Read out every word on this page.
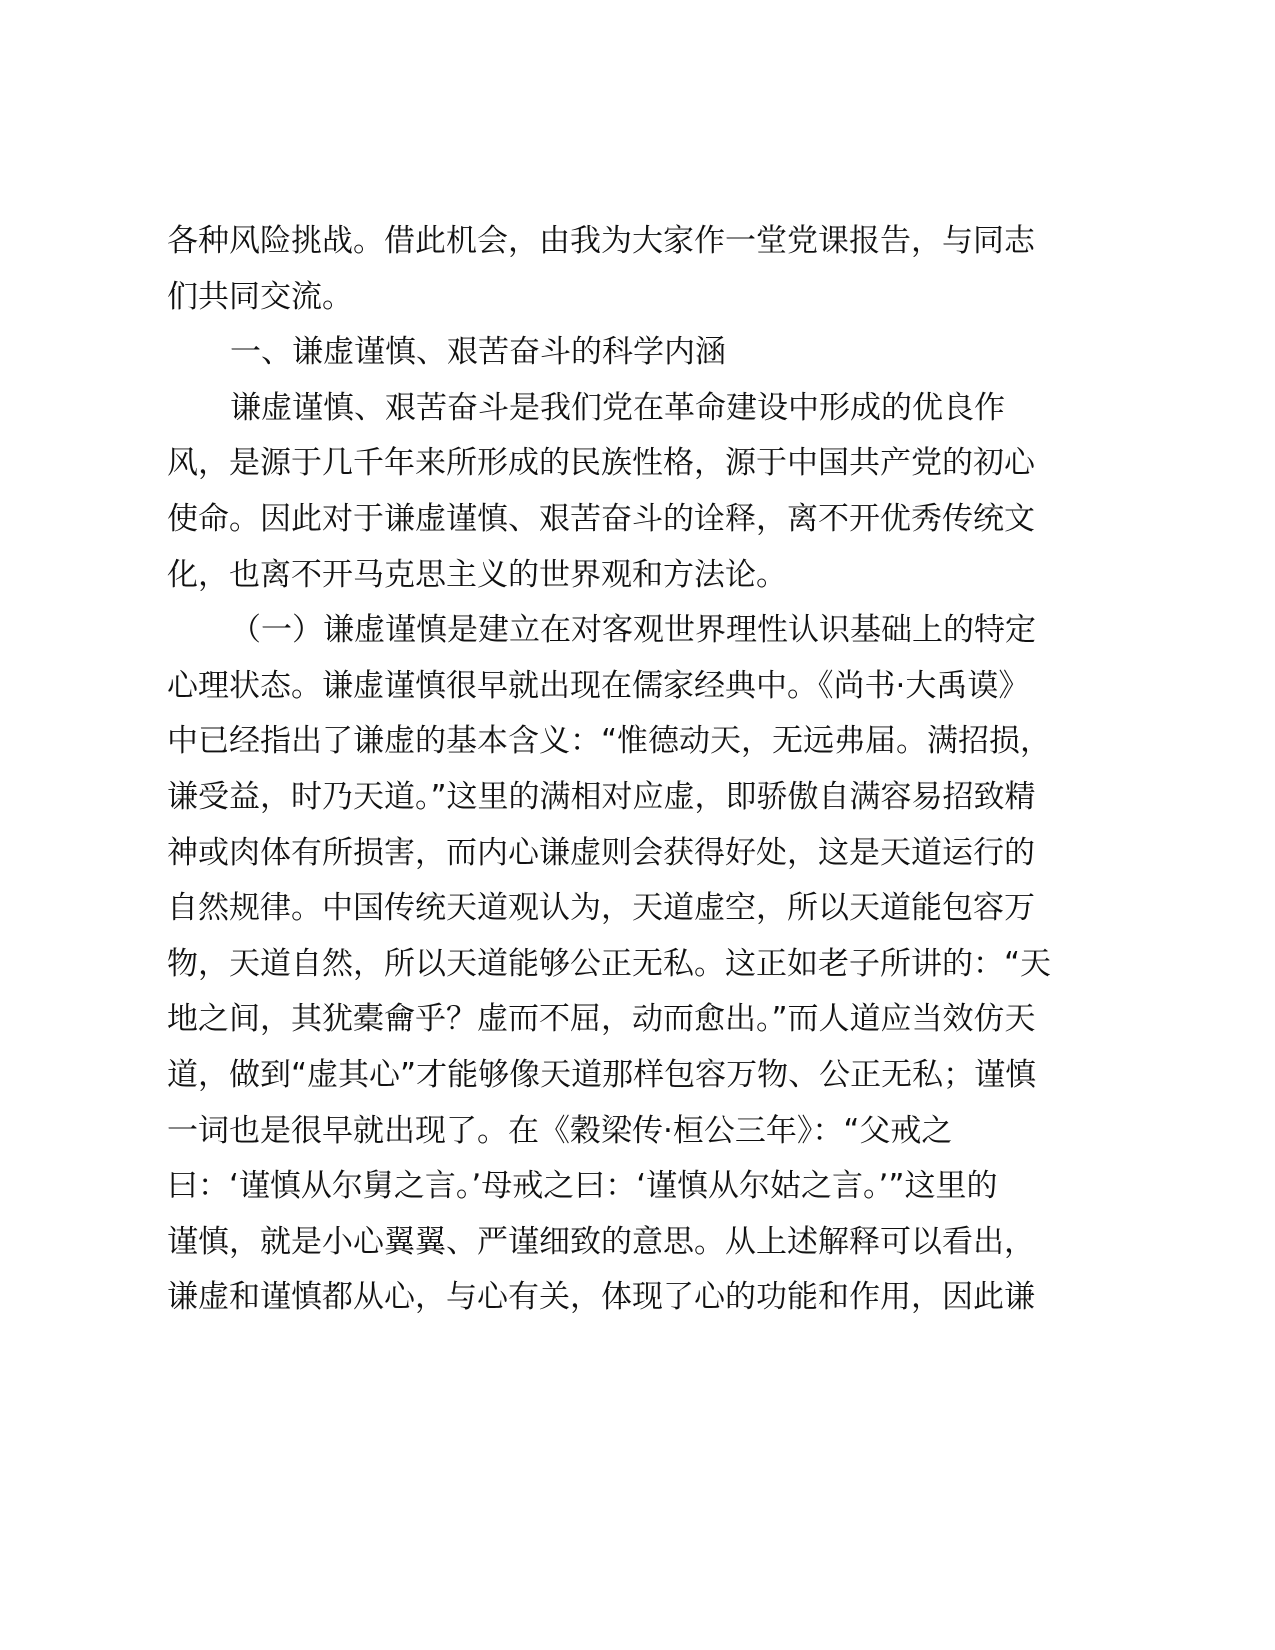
各种风险挑战。借此机会，由我为大家作一堂党课报告，与同志
们共同交流。
一、谦虚谨慎、艰苦奋斗的科学内涵
谦虚谨慎、艰苦奋斗是我们党在革命建设中形成的优良作
风，是源于几千年来所形成的民族性格，源于中国共产党的初心
使命。因此对于谦虚谨慎、艰苦奋斗的诠释，离不开优秀传统文
化，也离不开马克思主义的世界观和方法论。
（一）谦虚谨慎是建立在对客观世界理性认识基础上的特定
心理状态。谦虚谨慎很早就出现在儒家经典中。《尚书·大禹谟》
中已经指出了谦虚的基本含义：“惟德动天，无远弗届。满招损，
谦受益，时乃天道。”这里的满相对应虚，即骄傲自满容易招致精
神或肉体有所损害，而内心谦虚则会获得好处，这是天道运行的
自然规律。中国传统天道观认为，天道虚空，所以天道能包容万
物，天道自然，所以天道能够公正无私。这正如老子所讲的：“天
地之间，其犹橐龠乎？虚而不屈，动而愈出。”而人道应当效仿天
道，做到“虚其心”才能够像天道那样包容万物、公正无私；谨慎
一词也是很早就出现了。在《穀梁传·桓公三年》：“父戒之
曰：‘谨慎从尔舅之言。’母戒之曰：‘谨慎从尔姑之言。’”这里的
谨慎，就是小心翼翼、严谨细致的意思。从上述解释可以看出，
谦虚和谨慎都从心，与心有关，体现了心的功能和作用，因此谦
